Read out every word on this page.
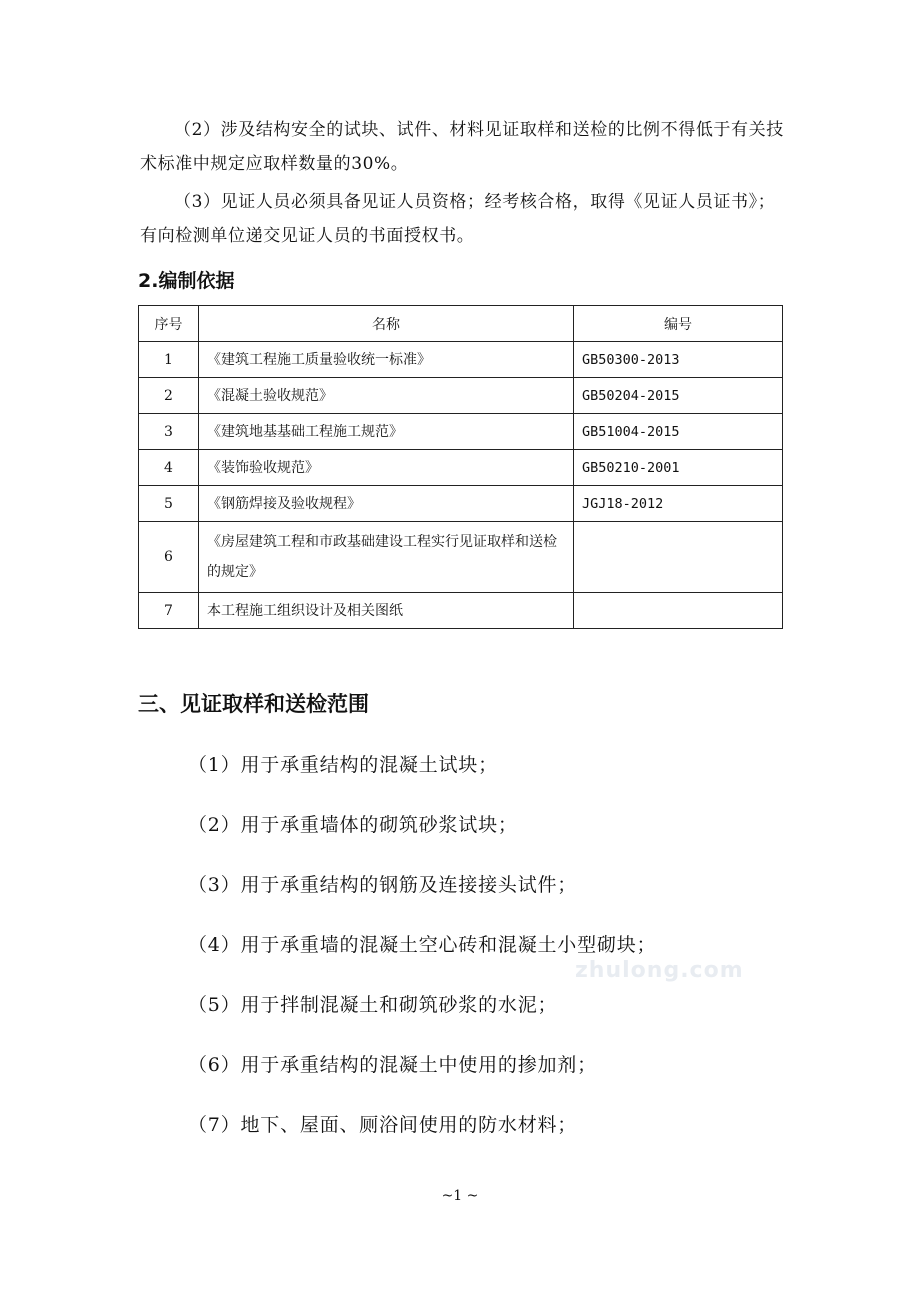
（2）涉及结构安全的试块、试件、材料见证取样和送检的比例不得低于有关技术标准中规定应取样数量的30%。

（3）见证人员必须具备见证人员资格；经考核合格，取得《见证人员证书》；有向检测单位递交见证人员的书面授权书。

2.编制依据
序号	名称	编号
1	《建筑工程施工质量验收统一标准》	GB50300-2013
2	《混凝土验收规范》	GB50204-2015
3	《建筑地基基础工程施工规范》	GB51004-2015
4	《装饰验收规范》	GB50210-2001
5	《钢筋焊接及验收规程》	JGJ18-2012
6	《房屋建筑工程和市政基础建设工程实行见证取样和送检的规定》	
7	本工程施工组织设计及相关图纸	
三、见证取样和送检范围

（1）用于承重结构的混凝土试块；

（2）用于承重墙体的砌筑砂浆试块；

（3）用于承重结构的钢筋及连接接头试件；

（4）用于承重墙的混凝土空心砖和混凝土小型砌块；

（5）用于拌制混凝土和砌筑砂浆的水泥；

（6）用于承重结构的混凝土中使用的掺加剂；

（7）地下、屋面、厕浴间使用的防水材料；

zhulong.com
~1 ~
